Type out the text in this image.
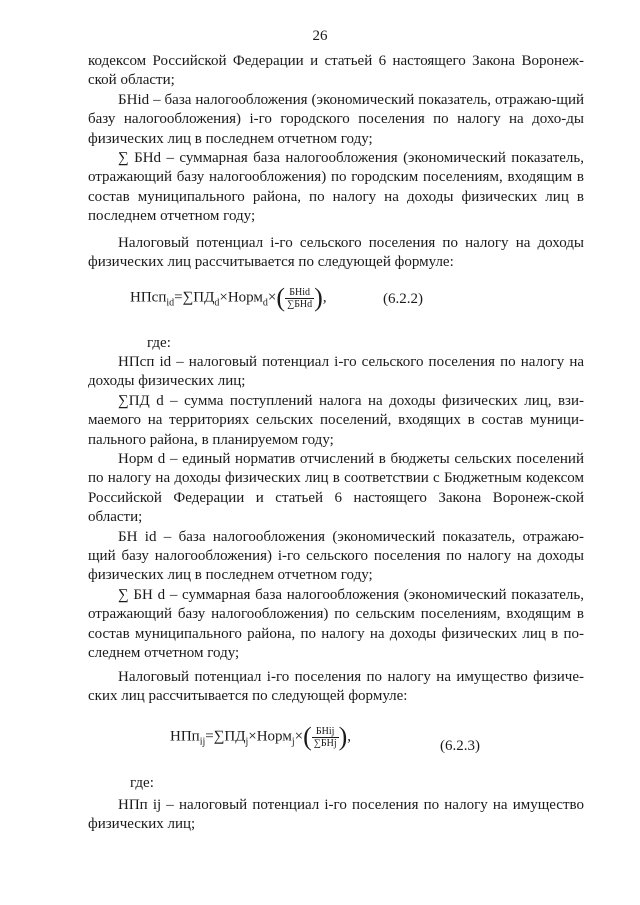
26
кодексом Российской Федерации и статьей 6 настоящего Закона Воронеж-ской области;
БНid – база налогообложения (экономический показатель, отражаю-щий базу налогообложения) i-го городского поселения по налогу на дохо-ды физических лиц в последнем отчетном году;
∑ БНd – суммарная база налогообложения (экономический показатель, отражающий базу налогообложения) по городским поселениям, входящим в состав муниципального района, по налогу на доходы физических лиц в последнем отчетном году;
Налоговый потенциал i-го сельского поселения по налогу на доходы физических лиц рассчитывается по следующей формуле:
$НПсп_{id}=\sum ПД_d\times Норм_d\times( \frac{\text{БНid}}{\text{∑БНd}}$ ),	(6.2.2)
где:
НПсп id – налоговый потенциал i-го сельского поселения по налогу на доходы физических лиц;
∑ПД d – сумма поступлений налога на доходы физических лиц, взи-маемого на территориях сельских поселений, входящих в состав муници-пального района, в планируемом году;
Норм d – единый норматив отчислений в бюджеты сельских поселений по налогу на доходы физических лиц в соответствии с Бюджетным кодексом Российской Федерации и статьей 6 настоящего Закона Воронеж-ской области;
БН id – база налогообложения (экономический показатель, отражаю-щий базу налогообложения) i-го сельского поселения по налогу на доходы физических лиц в последнем отчетном году;
∑ БН d – суммарная база налогообложения (экономический показатель, отражающий базу налогообложения) по сельским поселениям, входящим в состав муниципального района, по налогу на доходы физических лиц в по-следнем отчетном году;
Налоговый потенциал i-го поселения по налогу на имущество физиче-ских лиц рассчитывается по следующей формуле:
$НПп_{ij}=\sum ПД_j\times Норм_j\times( \frac{\text{БНij}}{\text{∑БНj}}$ ),
(6.2.3)
где:
НПп ij – налоговый потенциал i-го поселения по налогу на имущество физических лиц;
